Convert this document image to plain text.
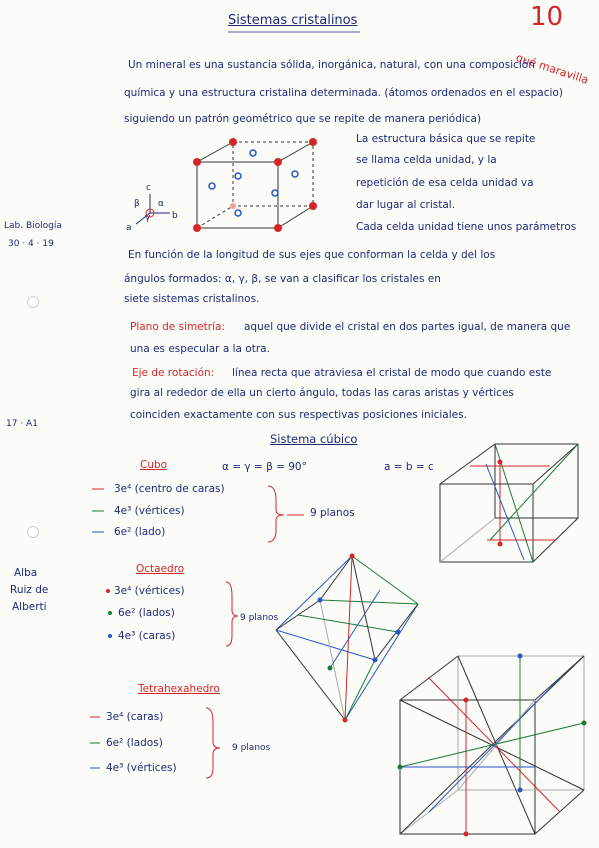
Sistemas cristalinos	10
qué maravilla
Lab. Biología
30 · 4 · 19
17 · A1
Alba
Ruiz de
Alberti
Un mineral es una sustancia sólida, inorgánica, natural, con una composición
química y una estructura cristalina determinada. (átomos ordenados en el espacio)
siguiendo un patrón geométrico que se repite de manera periódica)
La estructura básica que se repite
se llama celda unidad, y la
repetición de esa celda unidad va
dar lugar al cristal.
Cada celda unidad tiene unos parámetros
c
a
b
β α
γ
En función de la longitud de sus ejes que conforman la celda y del los
ángulos formados: α, γ, β, se van a clasificar los cristales en
siete sistemas cristalinos.
Plano de simetría: aquel que divide el cristal en dos partes igual, de manera que
una es especular a la otra.
Eje de rotación: línea recta que atraviesa el cristal de modo que cuando este
gira al rededor de ella un cierto ángulo, todas las caras aristas y vértices
coinciden exactamente con sus respectivas posiciones iniciales.
Sistema cúbico
α = γ = β = 90°	a = b = c
Cubo
3e⁴ (centro de caras)
4e³ (vértices)
6e² (lado)
9 planos
Octaedro
3e⁴ (vértices)
6e² (lados)
4e³ (caras)
9 planos
Tetrahexahedro
3e⁴ (caras)
6e² (lados)
4e³ (vértices)
9 planos
